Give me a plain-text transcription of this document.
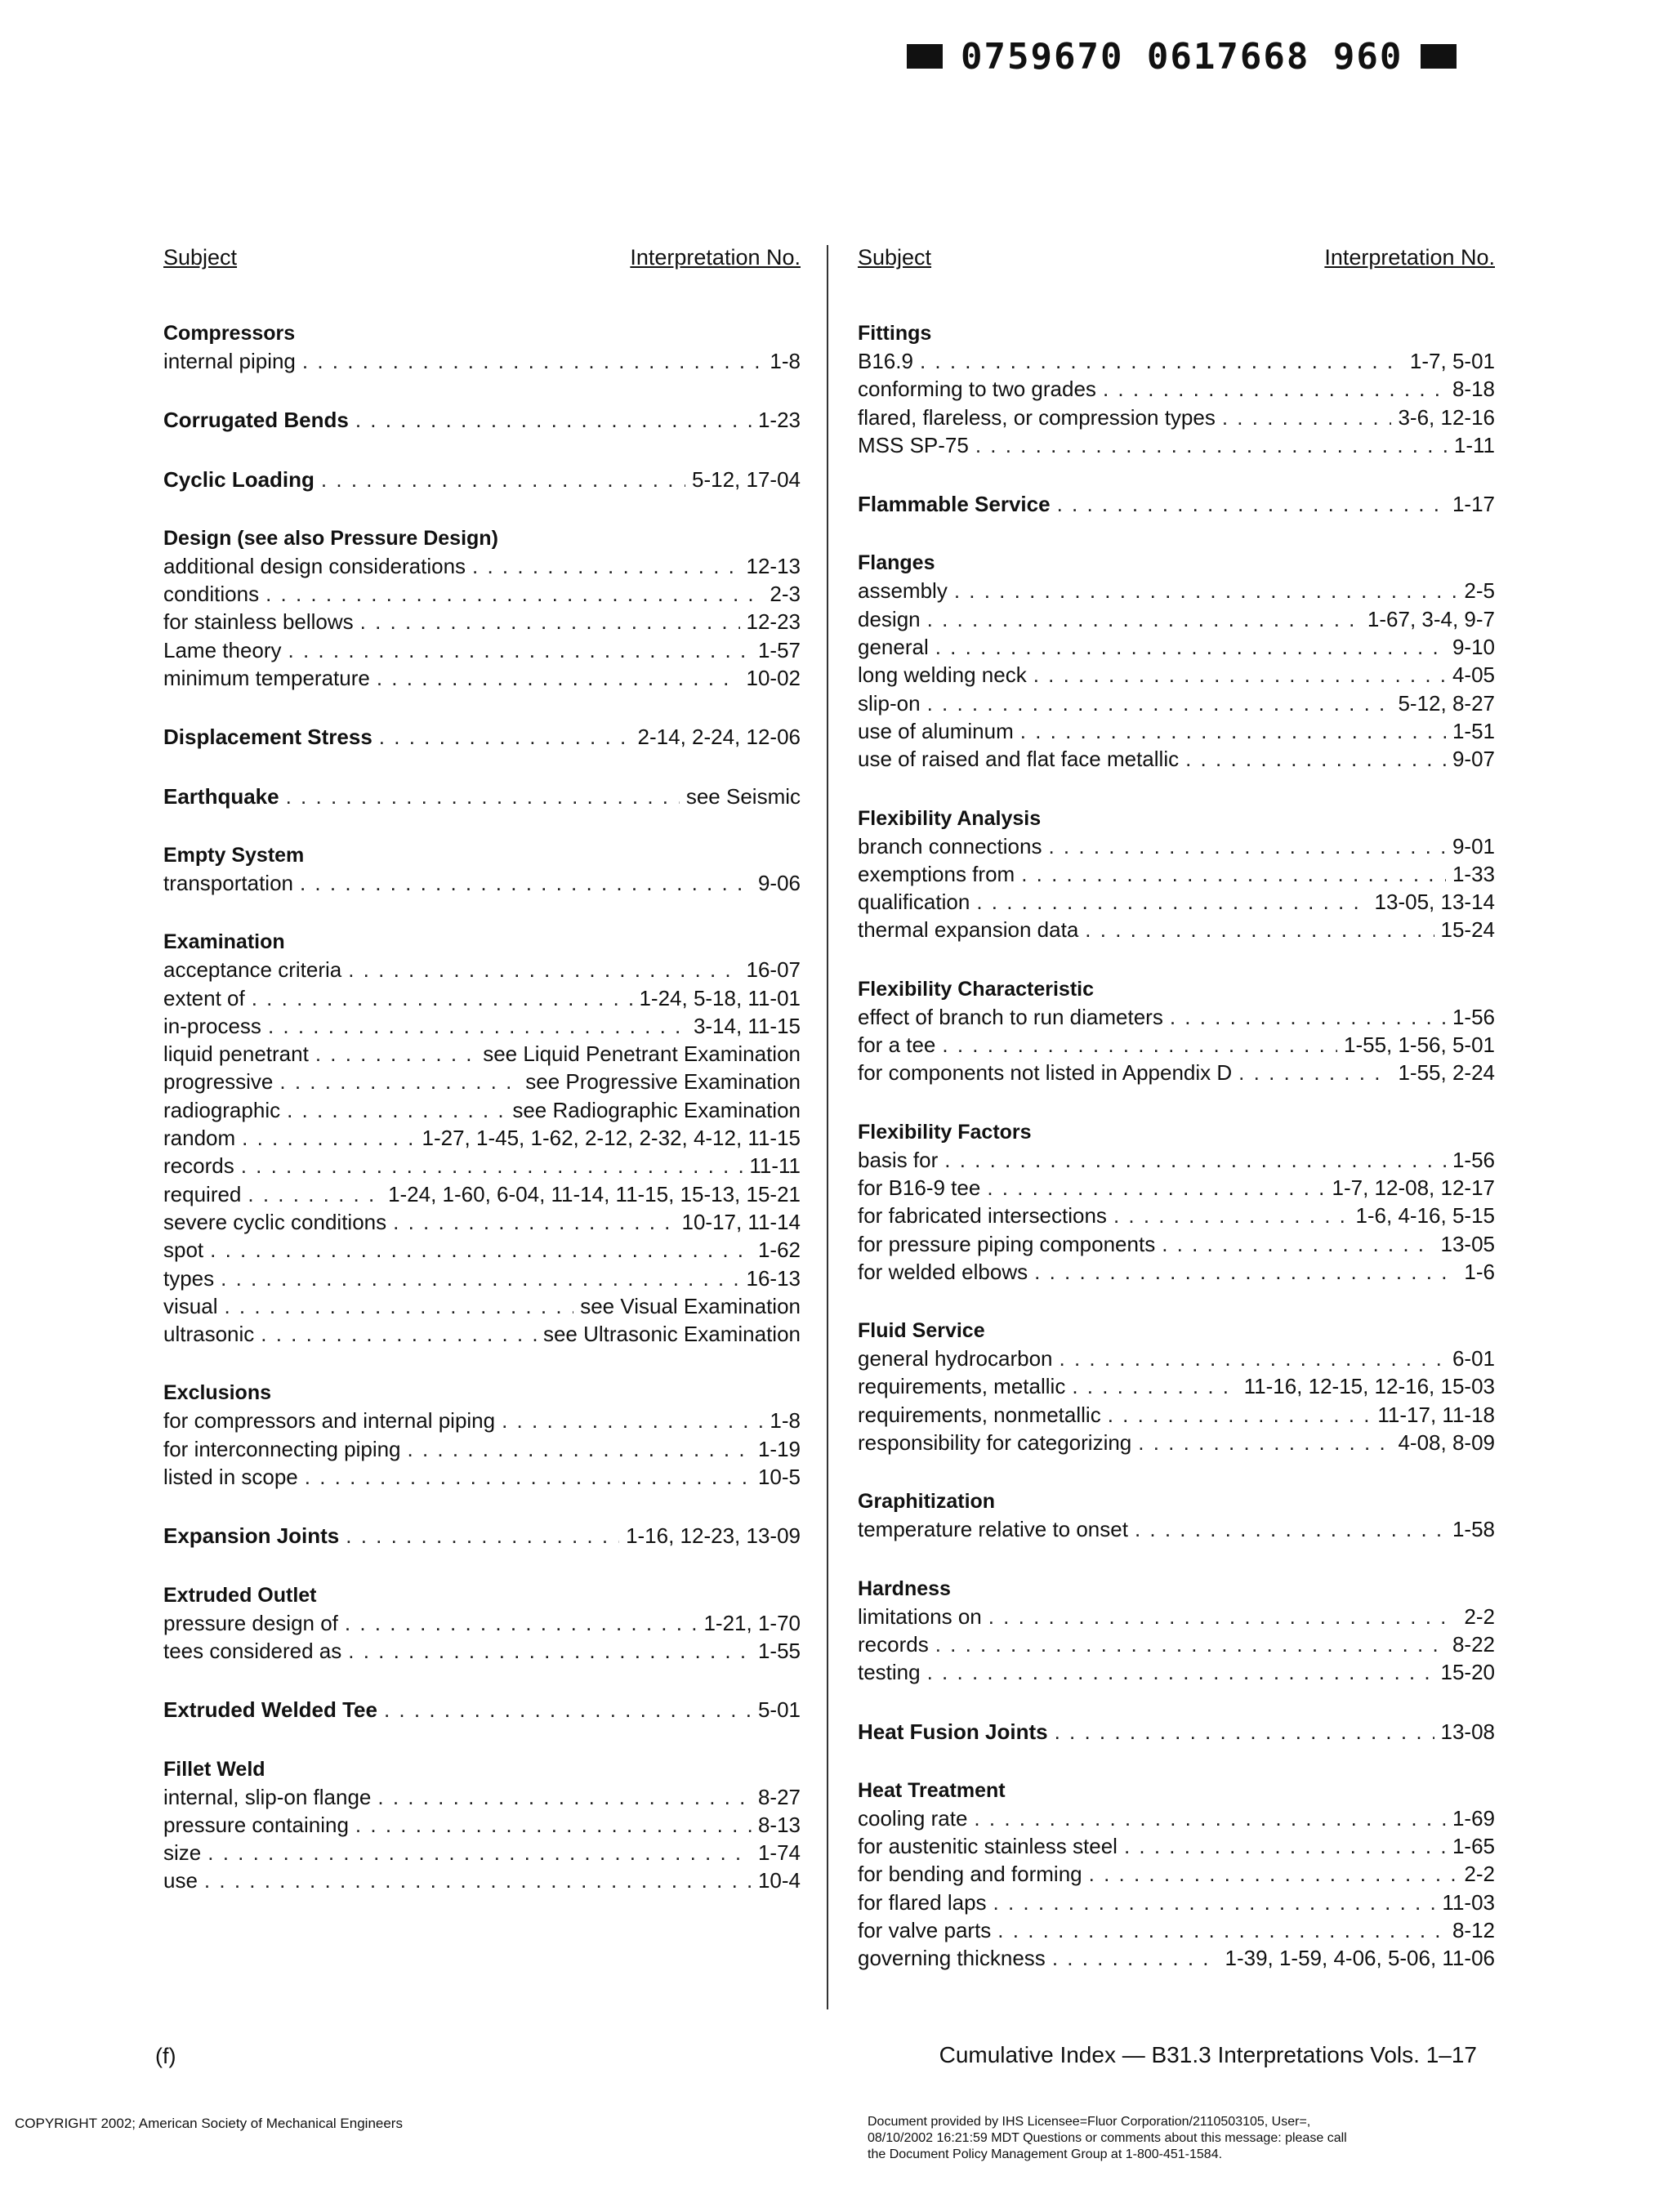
0759670 0617668 960
Subject	Interpretation No.
Compressors
internal piping . . .	1-8
Corrugated Bends . . .	1-23
Cyclic Loading . . .	5-12, 17-04
Design (see also Pressure Design)
additional design considerations . . .	12-13
conditions . . .	2-3
for stainless bellows . . .	12-23
Lame theory . . .	1-57
minimum temperature . . .	10-02
Displacement Stress . . .	2-14, 2-24, 12-06
Earthquake . . .	see Seismic
Empty System
transportation . . .	9-06
Examination
acceptance criteria . . .	16-07
extent of . . .	1-24, 5-18, 11-01
in-process . . .	3-14, 11-15
liquid penetrant . . .	see Liquid Penetrant Examination
progressive . . .	see Progressive Examination
radiographic . . .	see Radiographic Examination
random . . .	1-27, 1-45, 1-62, 2-12, 2-32, 4-12, 11-15
records . . .	11-11
required . . .	1-24, 1-60, 6-04, 11-14, 11-15, 15-13, 15-21
severe cyclic conditions . . .	10-17, 11-14
spot . . .	1-62
types . . .	16-13
visual . . .	see Visual Examination
ultrasonic . . .	see Ultrasonic Examination
Exclusions
for compressors and internal piping . . .	1-8
for interconnecting piping . . .	1-19
listed in scope . . .	10-5
Expansion Joints . . .	1-16, 12-23, 13-09
Extruded Outlet
pressure design of . . .	1-21, 1-70
tees considered as . . .	1-55
Extruded Welded Tee . . .	5-01
Fillet Weld
internal, slip-on flange . . .	8-27
pressure containing . . .	8-13
size . . .	1-74
use . . .	10-4
Subject	Interpretation No.
Fittings
B16.9 . . .	1-7, 5-01
conforming to two grades . . .	8-18
flared, flareless, or compression types . . .	3-6, 12-16
MSS SP-75 . . .	1-11
Flammable Service . . .	1-17
Flanges
assembly . . .	2-5
design . . .	1-67, 3-4, 9-7
general . . .	9-10
long welding neck . . .	4-05
slip-on . . .	5-12, 8-27
use of aluminum . . .	1-51
use of raised and flat face metallic . . .	9-07
Flexibility Analysis
branch connections . . .	9-01
exemptions from . . .	1-33
qualification . . .	13-05, 13-14
thermal expansion data . . .	15-24
Flexibility Characteristic
effect of branch to run diameters . . .	1-56
for a tee . . .	1-55, 1-56, 5-01
for components not listed in Appendix D . . .	1-55, 2-24
Flexibility Factors
basis for . . .	1-56
for B16-9 tee . . .	1-7, 12-08, 12-17
for fabricated intersections . . .	1-6, 4-16, 5-15
for pressure piping components . . .	13-05
for welded elbows . . .	1-6
Fluid Service
general hydrocarbon . . .	6-01
requirements, metallic . . .	11-16, 12-15, 12-16, 15-03
requirements, nonmetallic . . .	11-17, 11-18
responsibility for categorizing . . .	4-08, 8-09
Graphitization
temperature relative to onset . . .	1-58
Hardness
limitations on . . .	2-2
records . . .	8-22
testing . . .	15-20
Heat Fusion Joints . . .	13-08
Heat Treatment
cooling rate . . .	1-69
for austenitic stainless steel . . .	1-65
for bending and forming . . .	2-2
for flared laps . . .	11-03
for valve parts . . .	8-12
governing thickness . . .	1-39, 1-59, 4-06, 5-06, 11-06
(f)	Cumulative Index — B31.3 Interpretations Vols. 1–17
COPYRIGHT 2002; American Society of Mechanical Engineers	Document provided by IHS Licensee=Fluor Corporation/2110503105, User=,
08/10/2002 16:21:59 MDT Questions or comments about this message: please call
the Document Policy Management Group at 1-800-451-1584.
